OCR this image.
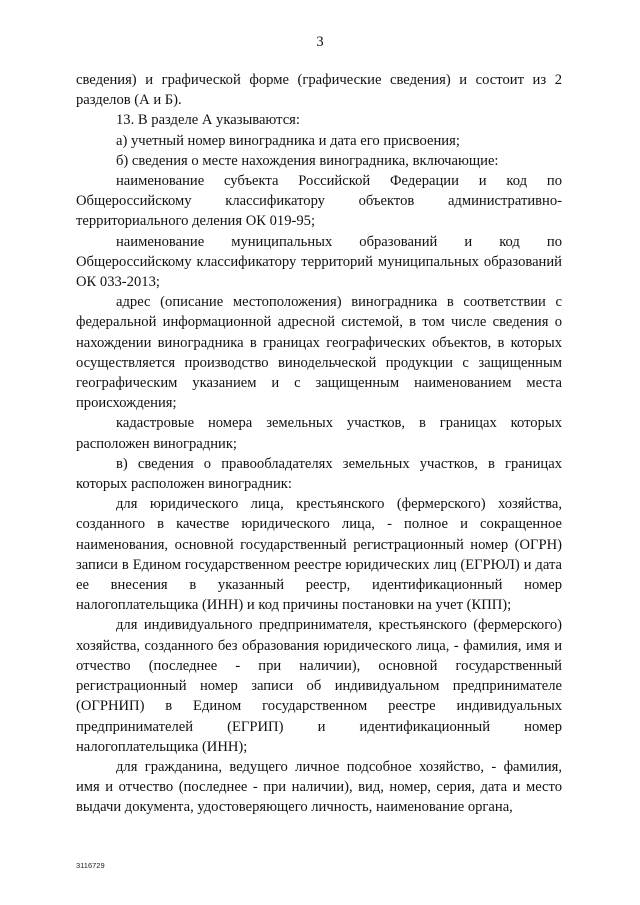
3

сведения) и графической форме (графические сведения) и состоит из 2 разделов (А и Б).

13. В разделе А указываются:

а) учетный номер виноградника и дата его присвоения;

б) сведения о месте нахождения виноградника, включающие:

наименование субъекта Российской Федерации и код по Общероссийскому классификатору объектов административно-территориального деления ОК 019-95;

наименование муниципальных образований и код по Общероссийскому классификатору территорий муниципальных образований ОК 033-2013;

адрес (описание местоположения) виноградника в соответствии с федеральной информационной адресной системой, в том числе сведения о нахождении виноградника в границах географических объектов, в которых осуществляется производство винодельческой продукции с защищенным географическим указанием и с защищенным наименованием места происхождения;

кадастровые номера земельных участков, в границах которых расположен виноградник;

в) сведения о правообладателях земельных участков, в границах которых расположен виноградник:

для юридического лица, крестьянского (фермерского) хозяйства, созданного в качестве юридического лица, - полное и сокращенное наименования, основной государственный регистрационный номер (ОГРН) записи в Едином государственном реестре юридических лиц (ЕГРЮЛ) и дата ее внесения в указанный реестр, идентификационный номер налогоплательщика (ИНН) и код причины постановки на учет (КПП);

для индивидуального предпринимателя, крестьянского (фермерского) хозяйства, созданного без образования юридического лица, - фамилия, имя и отчество (последнее - при наличии), основной государственный регистрационный номер записи об индивидуальном предпринимателе (ОГРНИП) в Едином государственном реестре индивидуальных предпринимателей (ЕГРИП) и идентификационный номер налогоплательщика (ИНН);

для гражданина, ведущего личное подсобное хозяйство, - фамилия, имя и отчество (последнее - при наличии), вид, номер, серия, дата и место выдачи документа, удостоверяющего личность, наименование органа,

3116729
